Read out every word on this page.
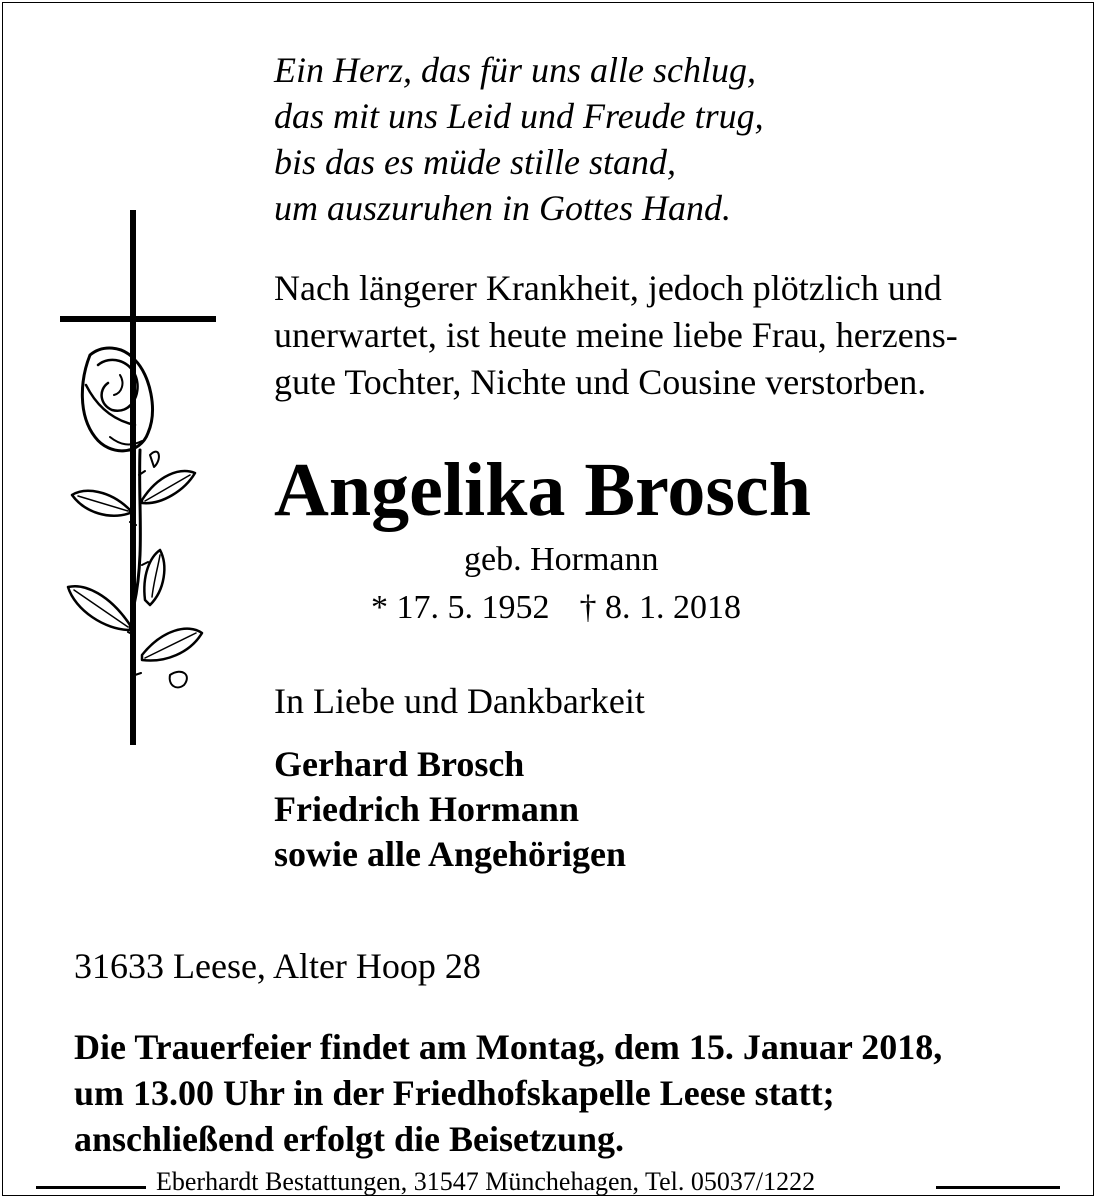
Ein Herz, das für uns alle schlug,
das mit uns Leid und Freude trug,
bis das es müde stille stand,
um auszuruhen in Gottes Hand.
Nach längerer Krankheit, jedoch plötzlich und
unerwartet, ist heute meine liebe Frau, herzens-
gute Tochter, Nichte und Cousine verstorben.
Angelika Brosch
geb. Hormann
* 17. 5. 1952 † 8. 1. 2018
In Liebe und Dankbarkeit
Gerhard Brosch
Friedrich Hormann
sowie alle Angehörigen
31633 Leese, Alter Hoop 28
Die Trauerfeier findet am Montag, dem 15. Januar 2018,
um 13.00 Uhr in der Friedhofskapelle Leese statt;
anschließend erfolgt die Beisetzung.
Eberhardt Bestattungen, 31547 Münchehagen, Tel. 05037/1222
